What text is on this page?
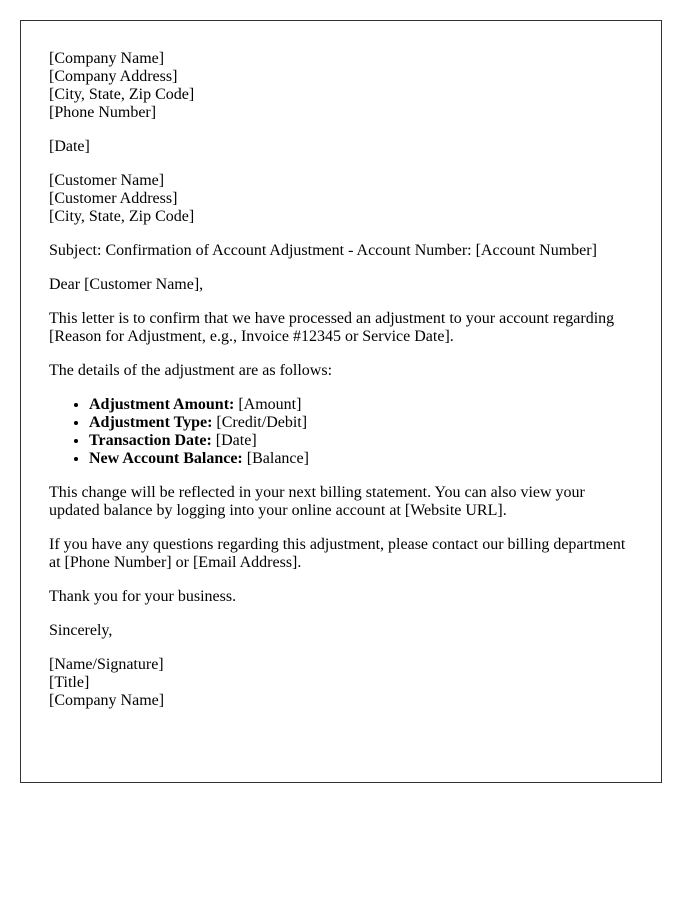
[Company Name]
[Company Address]
[City, State, Zip Code]
[Phone Number]

[Date]

[Customer Name]
[Customer Address]
[City, State, Zip Code]

Subject: Confirmation of Account Adjustment - Account Number: [Account Number]

Dear [Customer Name],

This letter is to confirm that we have processed an adjustment to your account regarding [Reason for Adjustment, e.g., Invoice #12345 or Service Date].

The details of the adjustment are as follows:

• Adjustment Amount: [Amount]
• Adjustment Type: [Credit/Debit]
• Transaction Date: [Date]
• New Account Balance: [Balance]

This change will be reflected in your next billing statement. You can also view your updated balance by logging into your online account at [Website URL].

If you have any questions regarding this adjustment, please contact our billing department at [Phone Number] or [Email Address].

Thank you for your business.

Sincerely,

[Name/Signature]
[Title]
[Company Name]
